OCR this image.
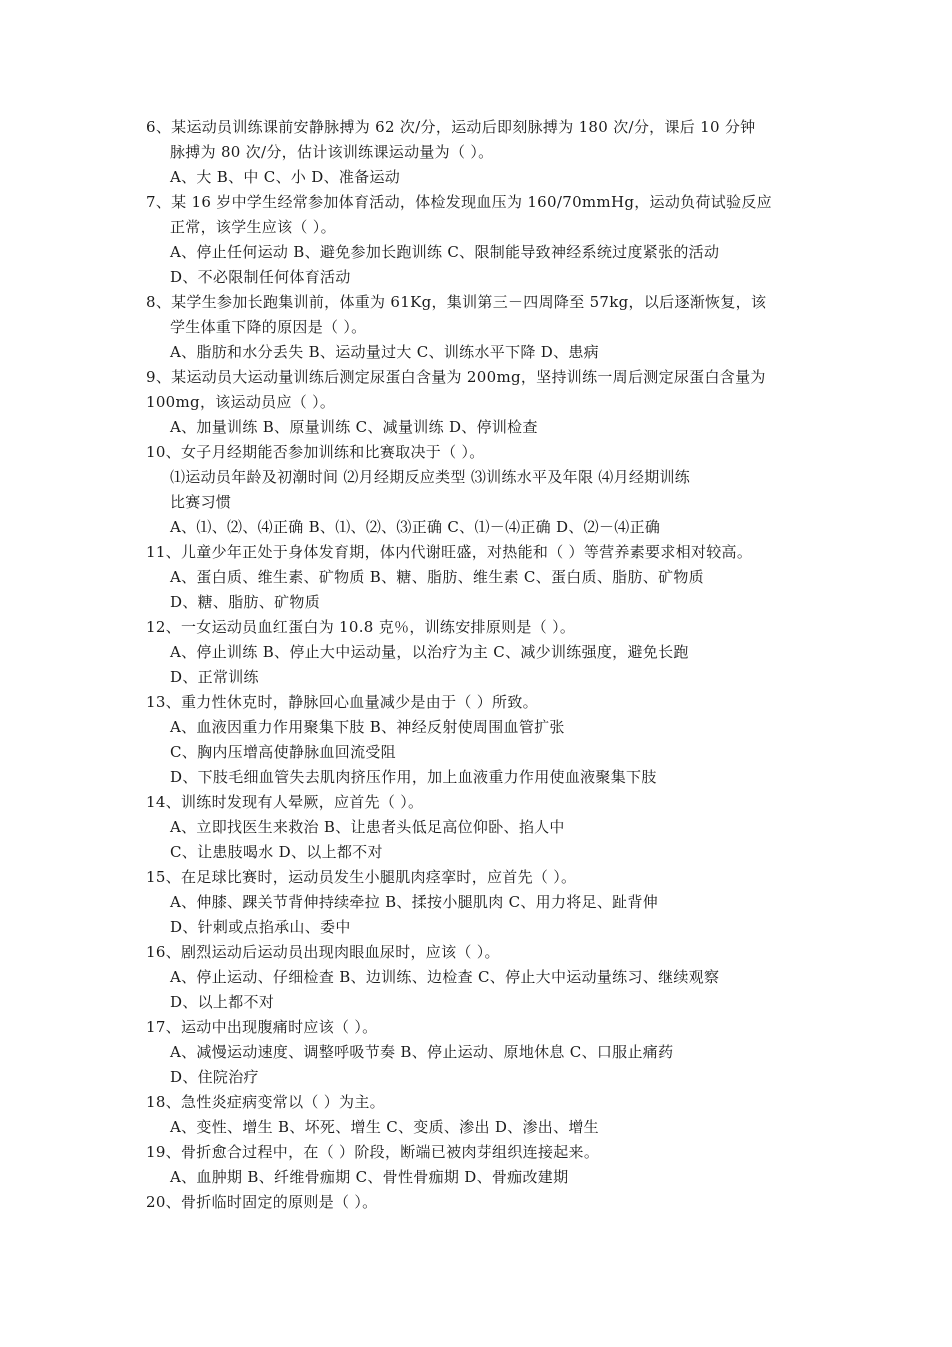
6、某运动员训练课前安静脉搏为 62 次/分，运动后即刻脉搏为 180 次/分，课后 10 分钟
脉搏为 80 次/分，估计该训练课运动量为（ ）。
A、大 B、中 C、小 D、准备运动
7、某 16 岁中学生经常参加体育活动，体检发现血压为 160/70mmHg，运动负荷试验反应
正常，该学生应该（ ）。
A、停止任何运动 B、避免参加长跑训练 C、限制能导致神经系统过度紧张的活动
D、不必限制任何体育活动
8、某学生参加长跑集训前，体重为 61Kg，集训第三－四周降至 57kg，以后逐渐恢复，该
学生体重下降的原因是（ ）。
A、脂肪和水分丢失 B、运动量过大 C、训练水平下降 D、患病
9、某运动员大运动量训练后测定尿蛋白含量为 200mg，坚持训练一周后测定尿蛋白含量为
100mg，该运动员应（ ）。
A、加量训练 B、原量训练 C、减量训练 D、停训检查
10、女子月经期能否参加训练和比赛取决于（ ）。
⑴运动员年龄及初潮时间 ⑵月经期反应类型 ⑶训练水平及年限 ⑷月经期训练
比赛习惯
A、⑴、⑵、⑷正确 B、⑴、⑵、⑶正确 C、⑴－⑷正确 D、⑵－⑷正确
11、儿童少年正处于身体发育期，体内代谢旺盛，对热能和（ ）等营养素要求相对较高。
A、蛋白质、维生素、矿物质 B、糖、脂肪、维生素 C、蛋白质、脂肪、矿物质
D、糖、脂肪、矿物质
12、一女运动员血红蛋白为 10.8 克％，训练安排原则是（ ）。
A、停止训练 B、停止大中运动量，以治疗为主 C、减少训练强度，避免长跑
D、正常训练
13、重力性休克时，静脉回心血量减少是由于（ ）所致。
A、血液因重力作用聚集下肢 B、神经反射使周围血管扩张
C、胸内压增高使静脉血回流受阻
D、下肢毛细血管失去肌肉挤压作用，加上血液重力作用使血液聚集下肢
14、训练时发现有人晕厥，应首先（ ）。
A、立即找医生来救治 B、让患者头低足高位仰卧、掐人中
C、让患肢喝水 D、以上都不对
15、在足球比赛时，运动员发生小腿肌肉痉挛时，应首先（ ）。
A、伸膝、踝关节背伸持续牵拉 B、揉按小腿肌肉 C、用力将足、趾背伸
D、针刺或点掐承山、委中
16、剧烈运动后运动员出现肉眼血尿时，应该（ ）。
A、停止运动、仔细检查 B、边训练、边检查 C、停止大中运动量练习、继续观察
D、以上都不对
17、运动中出现腹痛时应该（ ）。
A、减慢运动速度、调整呼吸节奏 B、停止运动、原地休息 C、口服止痛药
D、住院治疗
18、急性炎症病变常以（ ）为主。
A、变性、增生 B、坏死、增生 C、变质、渗出 D、渗出、增生
19、骨折愈合过程中，在（ ）阶段，断端已被肉芽组织连接起来。
A、血肿期 B、纤维骨痂期 C、骨性骨痂期 D、骨痂改建期
20、骨折临时固定的原则是（ ）。
